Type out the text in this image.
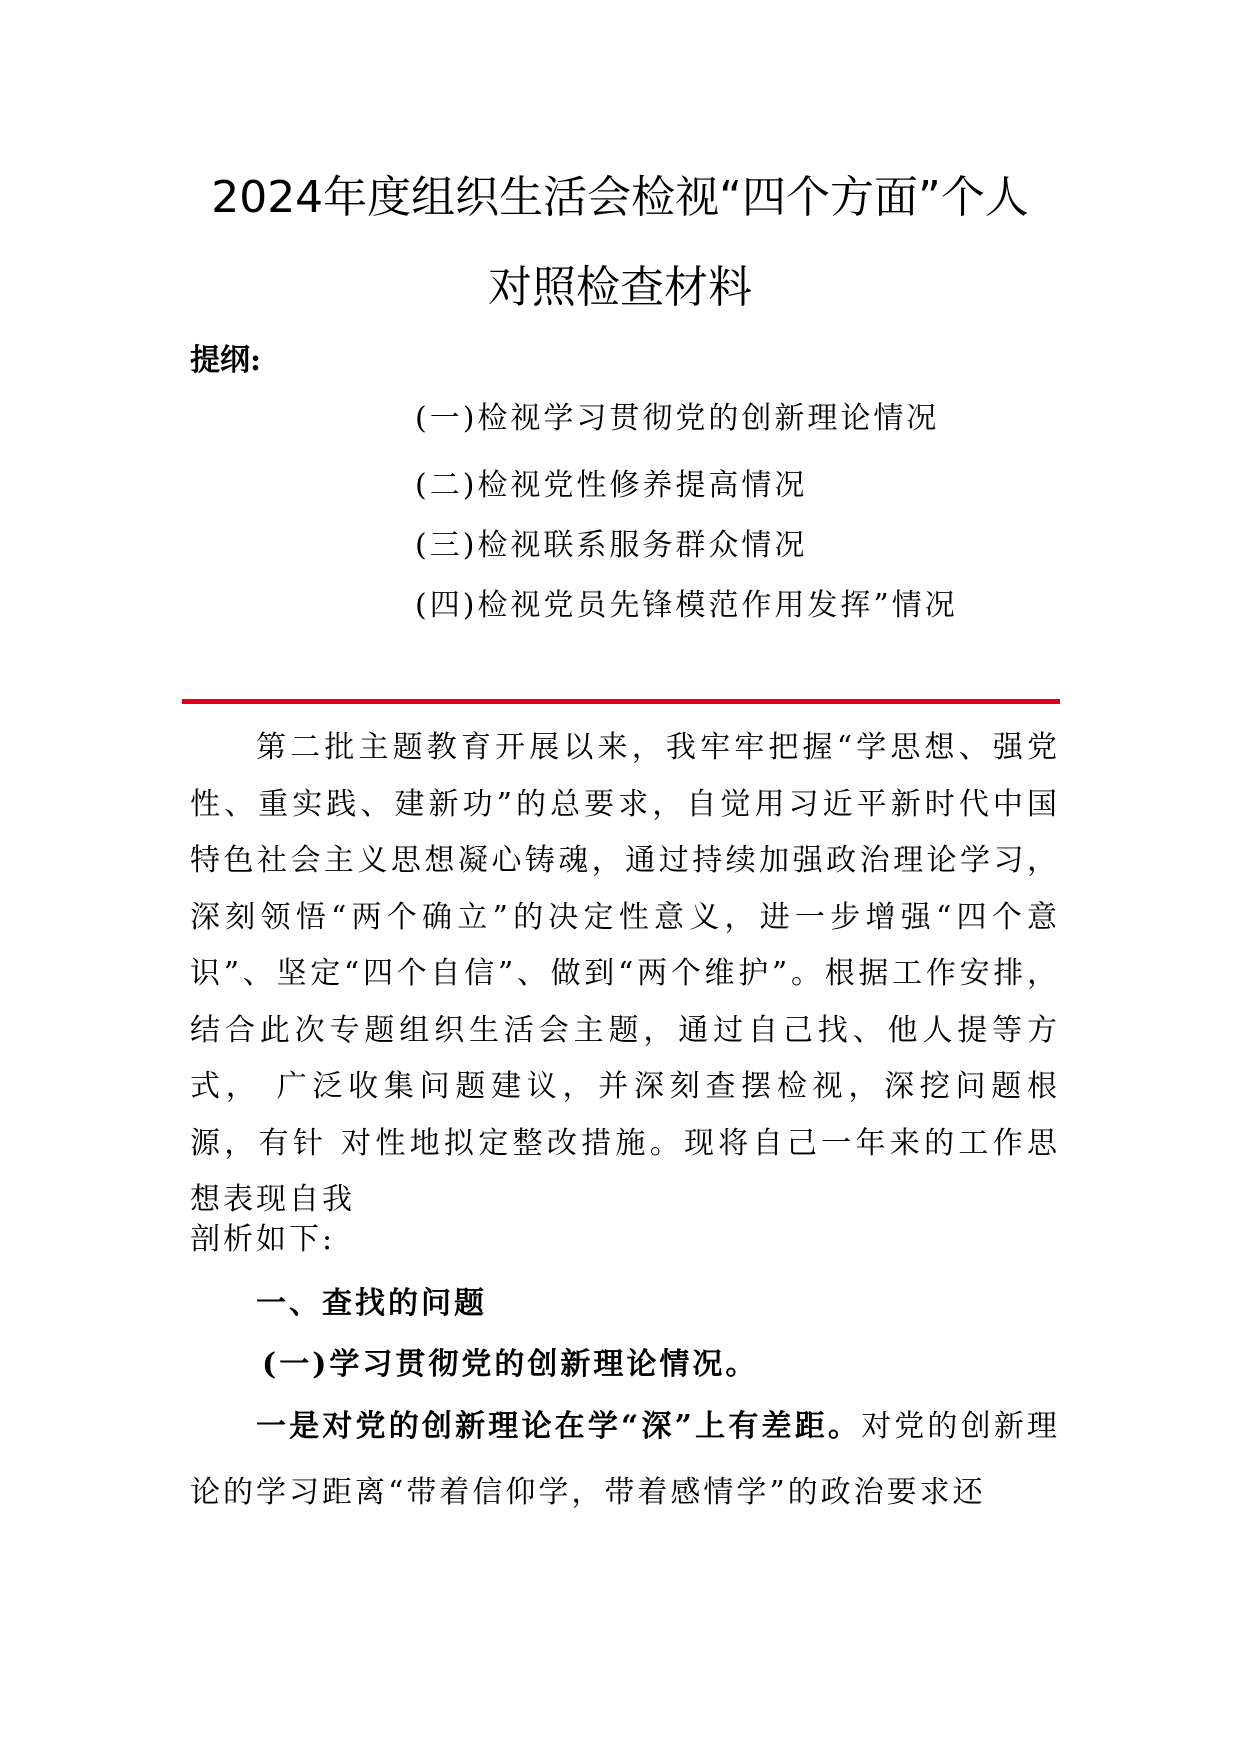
2024年度组织生活会检视“四个方面”个人
对照检查材料
提纲:
(一)检视学习贯彻党的创新理论情况
(二)检视党性修养提高情况
(三)检视联系服务群众情况
(四)检视党员先锋模范作用发挥”情况

第二批主题教育开展以来，我牢牢把握“学思想、强党性、重实践、建新功”的总要求，自觉用习近平新时代中国特色社会主义思想凝心铸魂，通过持续加强政治理论学习，深刻领悟“两个确立”的决定性意义，进一步增强“四个意识”、坚定“四个自信”、做到“两个维护”。根据工作安排， 结合此次专题组织生活会主题，通过自己找、他人提等方式， 广泛收集问题建议，并深刻查摆检视，深挖问题根源，有针 对性地拟定整改措施。现将自己一年来的工作思想表现自我

剖析如下:
一、查找的问题
(一)学习贯彻党的创新理论情况。

一是对党的创新理论在学“深”上有差距。对党的创新理论的学习距离“带着信仰学，带着感情学”的政治要求还
